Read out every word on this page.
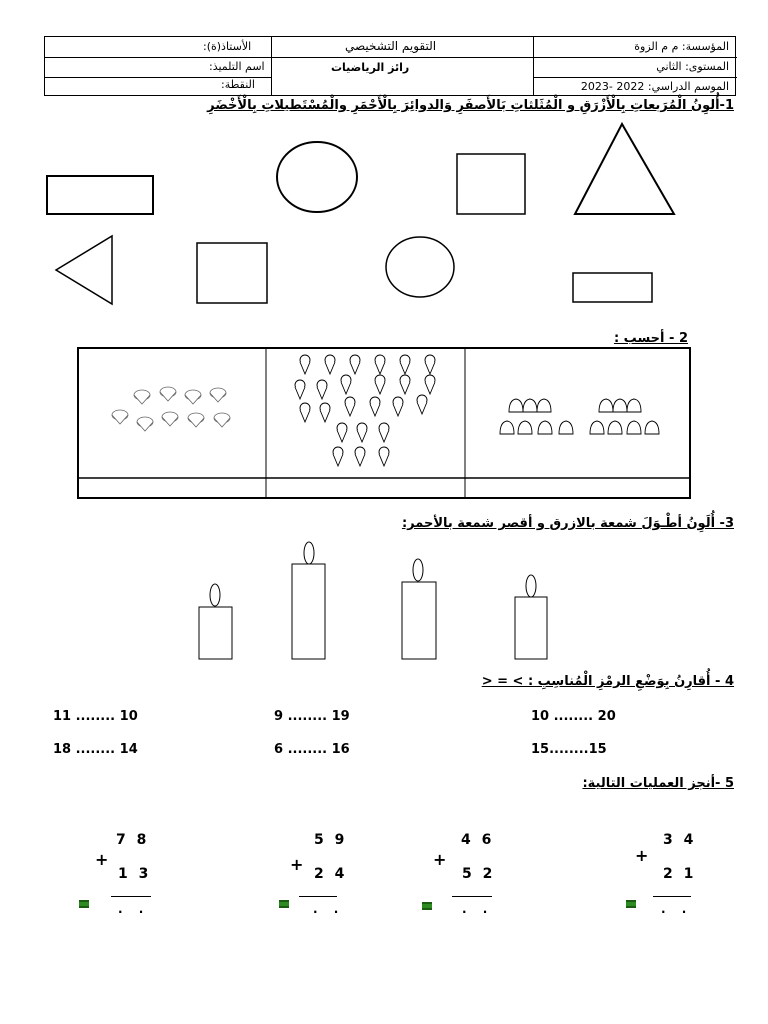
المؤسسة: م م الزوة
المستوى: الثاني
الموسم الدراسي: 2022 -2023
التقويم التشخيصي
رائز الرياضيات
الأستاذ(ة):
اسم التلميذ:
النقطة:
1-أُلوِنُ الْمُرَبعاتِ بِالْأَزْرَقِ و الْمُثَلثاتِ بَالأَصفَرِ وَالدوائِرَ بِالْأَحْمَرِ والْمُسْتَطيلاتِ بِالْأَخْضَرِ
2 - أحسب :
3- أُلَوِنُ أطْـوَلَ شمعة بالازرق و أقصر شمعة بالأحمر:
4 - أُقارِنُ بِوَضْعِ الرمْزِ الْمُناسِبِ : > = <
11 ........ 10	9 ........ 19	10 ........ 20
18 ........ 14	6 ........ 16	15........15
5 -أنجز العمليات التالية:
7 8
+
1 3
. .
5 9
+ 2 4
. .
4 6
+
5 2
. .
3 4
+
2 1
. .
